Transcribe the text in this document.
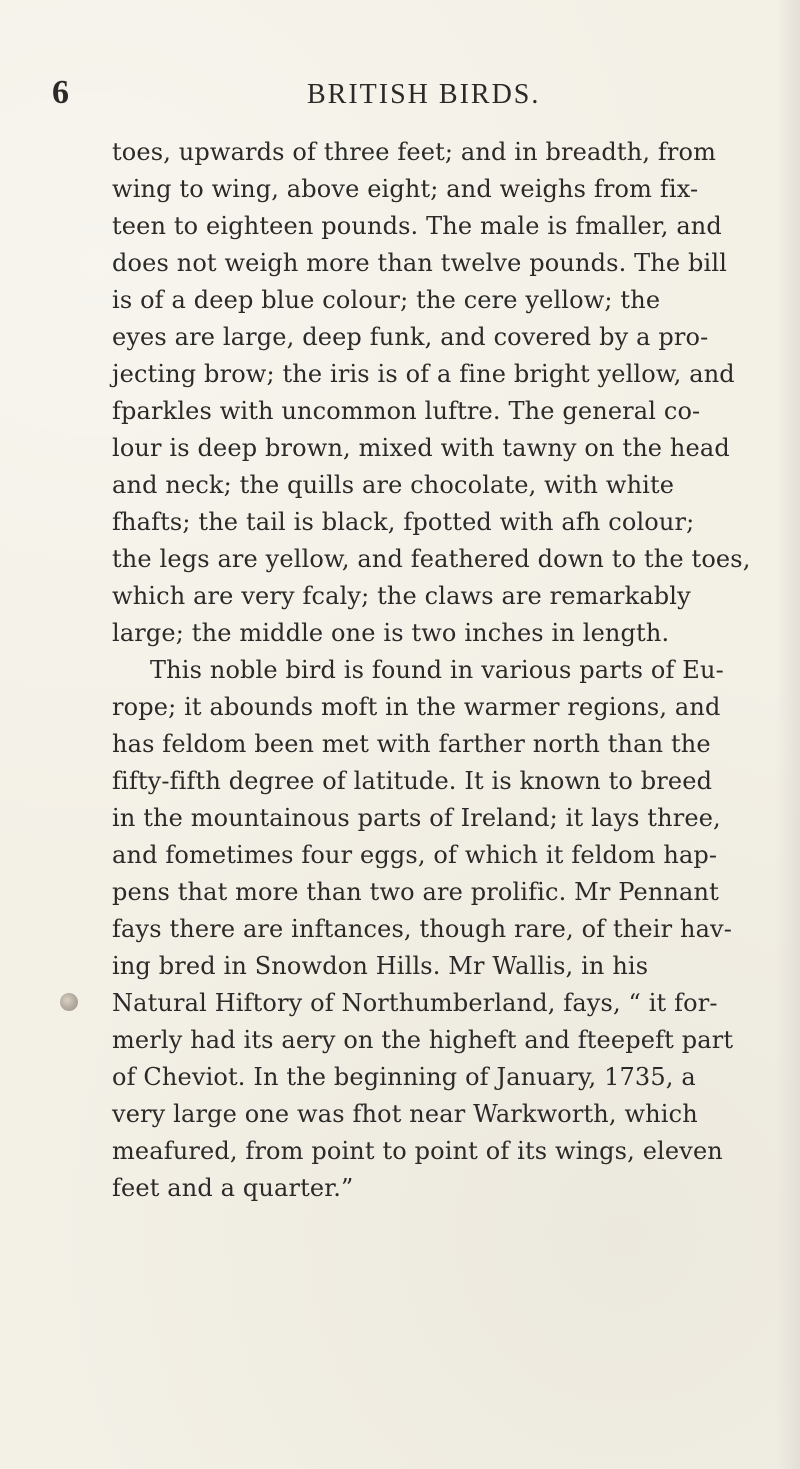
6	BRITISH BIRDS.
toes, upwards of three feet; and in breadth, from
wing to wing, above eight; and weighs from fix-
teen to eighteen pounds. The male is fmaller, and
does not weigh more than twelve pounds. The bill
is of a deep blue colour; the cere yellow; the
eyes are large, deep funk, and covered by a pro-
jecting brow; the iris is of a fine bright yellow, and
fparkles with uncommon luftre. The general co-
lour is deep brown, mixed with tawny on the head
and neck; the quills are chocolate, with white
fhafts; the tail is black, fpotted with afh colour;
the legs are yellow, and feathered down to the toes,
which are very fcaly; the claws are remarkably
large; the middle one is two inches in length.
This noble bird is found in various parts of Eu-
rope; it abounds moft in the warmer regions, and
has feldom been met with farther north than the
fifty-fifth degree of latitude. It is known to breed
in the mountainous parts of Ireland; it lays three,
and fometimes four eggs, of which it feldom hap-
pens that more than two are prolific. Mr Pennant
fays there are inftances, though rare, of their hav-
ing bred in Snowdon Hills. Mr Wallis, in his
Natural Hiftory of Northumberland, fays, “ it for-
merly had its aery on the higheft and fteepeft part
of Cheviot. In the beginning of January, 1735, a
very large one was fhot near Warkworth, which
meafured, from point to point of its wings, eleven
feet and a quarter.”
